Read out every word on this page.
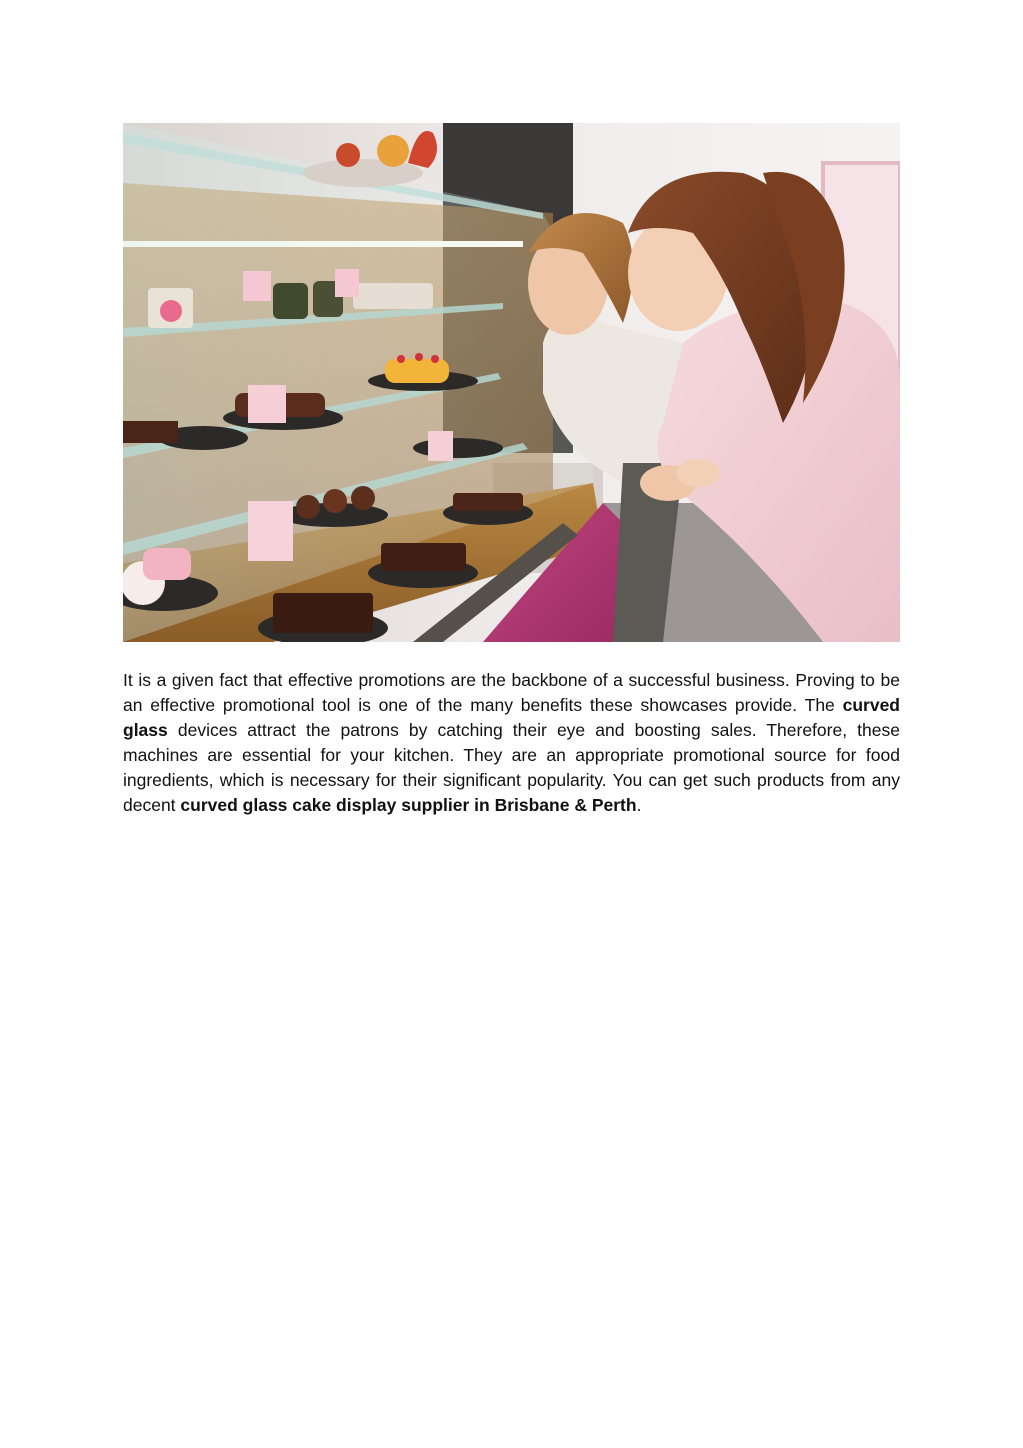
It is a given fact that effective promotions are the backbone of a successful business. Proving to be an effective promotional tool is one of the many benefits these showcases provide. The curved glass devices attract the patrons by catching their eye and boosting sales. Therefore, these machines are essential for your kitchen. They are an appropriate promotional source for food ingredients, which is necessary for their significant popularity. You can get such products from any decent curved glass cake display supplier in Brisbane & Perth.
